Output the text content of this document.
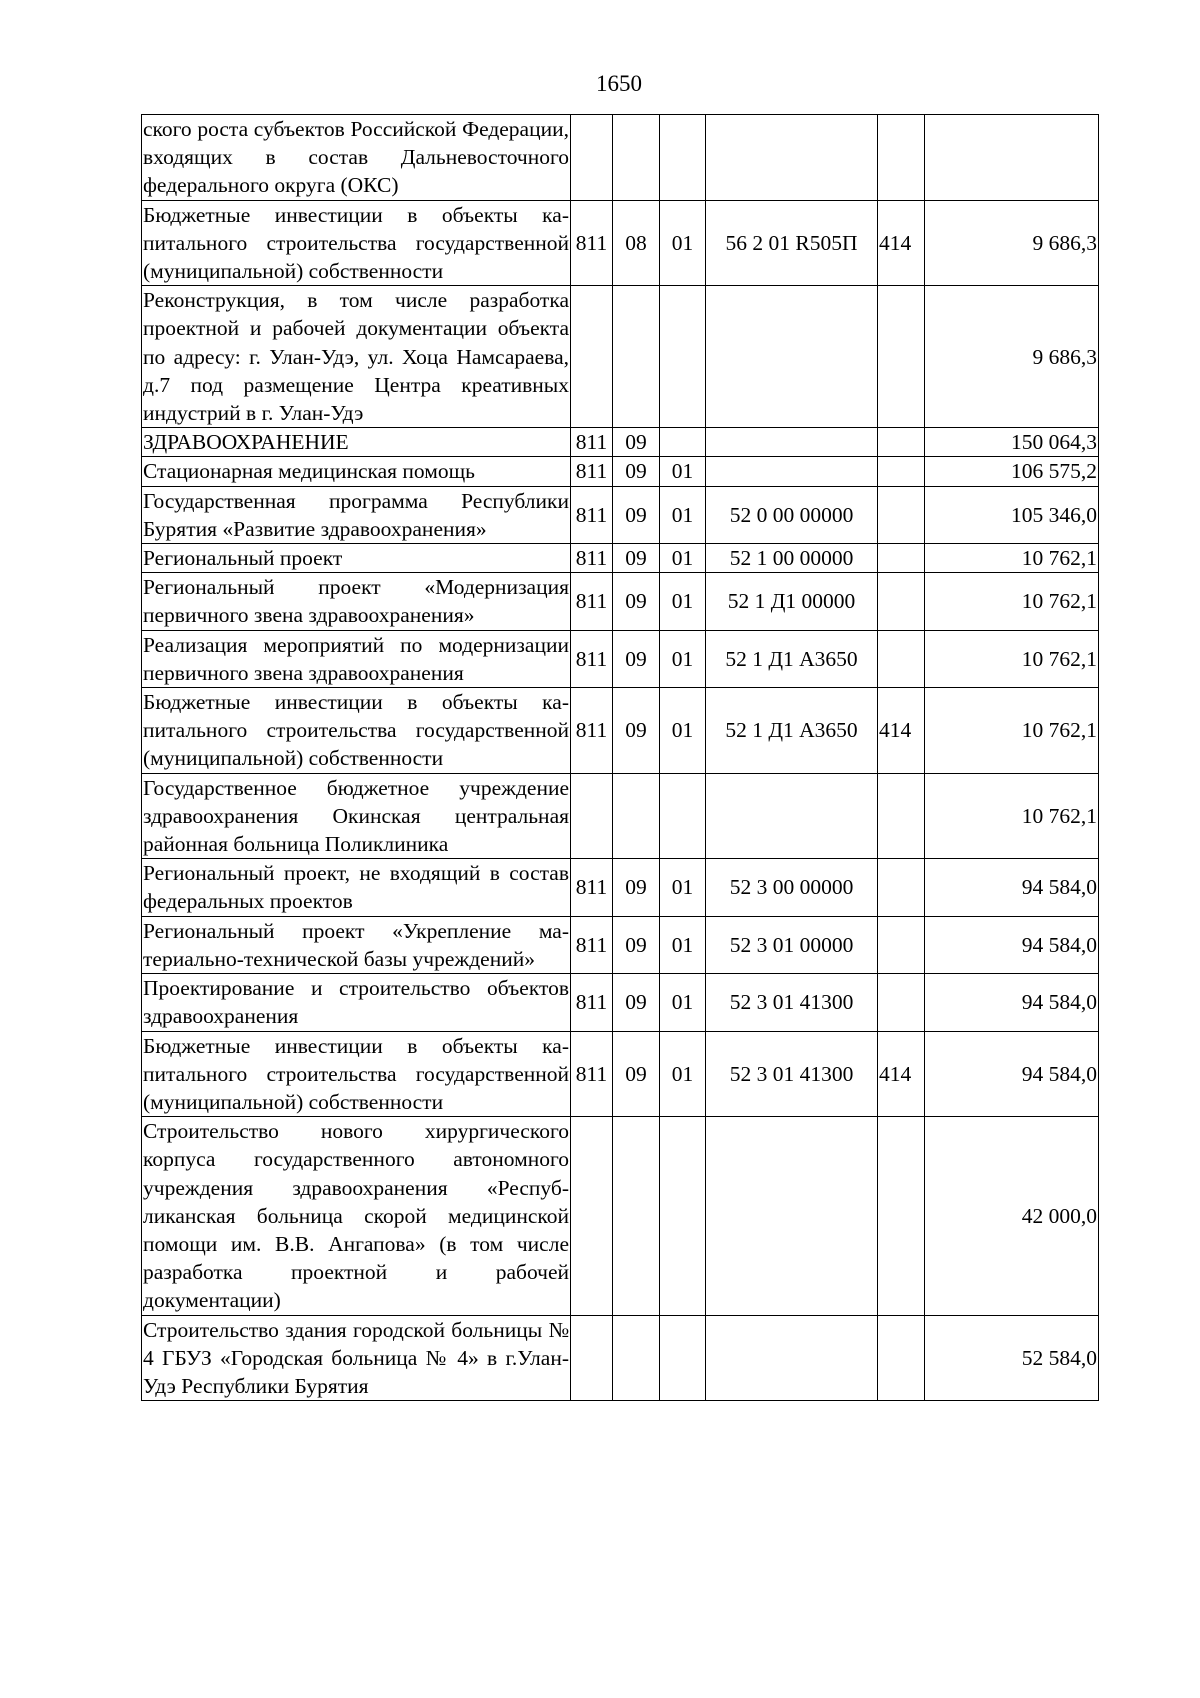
1650
ского роста субъектов Российской Федерации, входящих в состав Дальневосточного федерального округа (ОКС)						
Бюджетные инвестиции в объекты капитального строительства государственной (муниципальной) собственности	811	08	01	56 2 01 R505П	414	9 686,3
Реконструкция, в том числе разработка проектной и рабочей документации объекта по адресу: г. Улан-Удэ, ул. Хоца Намсараева, д.7 под размещение Центра креативных индустрий в г. Улан-Удэ						9 686,3
ЗДРАВООХРАНЕНИЕ	811	09				150 064,3
Стационарная медицинская помощь	811	09	01			106 575,2
Государственная программа Республики Бурятия «Развитие здравоохранения»	811	09	01	52 0 00 00000		105 346,0
Региональный проект	811	09	01	52 1 00 00000		10 762,1
Региональный проект «Модернизация первичного звена здравоохранения»	811	09	01	52 1 Д1 00000		10 762,1
Реализация мероприятий по модернизации первичного звена здравоохранения	811	09	01	52 1 Д1 А3650		10 762,1
Бюджетные инвестиции в объекты капитального строительства государственной (муниципальной) собственности	811	09	01	52 1 Д1 А3650	414	10 762,1
Государственное бюджетное учреждение здравоохранения Окинская центральная районная больница Поликлиника						10 762,1
Региональный проект, не входящий в состав федеральных проектов	811	09	01	52 3 00 00000		94 584,0
Региональный проект «Укрепление материально-технической базы учреждений»	811	09	01	52 3 01 00000		94 584,0
Проектирование и строительство объектов здравоохранения	811	09	01	52 3 01 41300		94 584,0
Бюджетные инвестиции в объекты капитального строительства государственной (муниципальной) собственности	811	09	01	52 3 01 41300	414	94 584,0
Строительство нового хирургического корпуса государственного автономного учреждения здравоохранения «Республиканская больница скорой медицинской помощи им. В.В. Ангапова» (в том числе разработка проектной и рабочей документации)						42 000,0
Строительство здания городской больницы № 4 ГБУЗ «Городская больница № 4» в г.Улан-Удэ Республики Бурятия						52 584,0
